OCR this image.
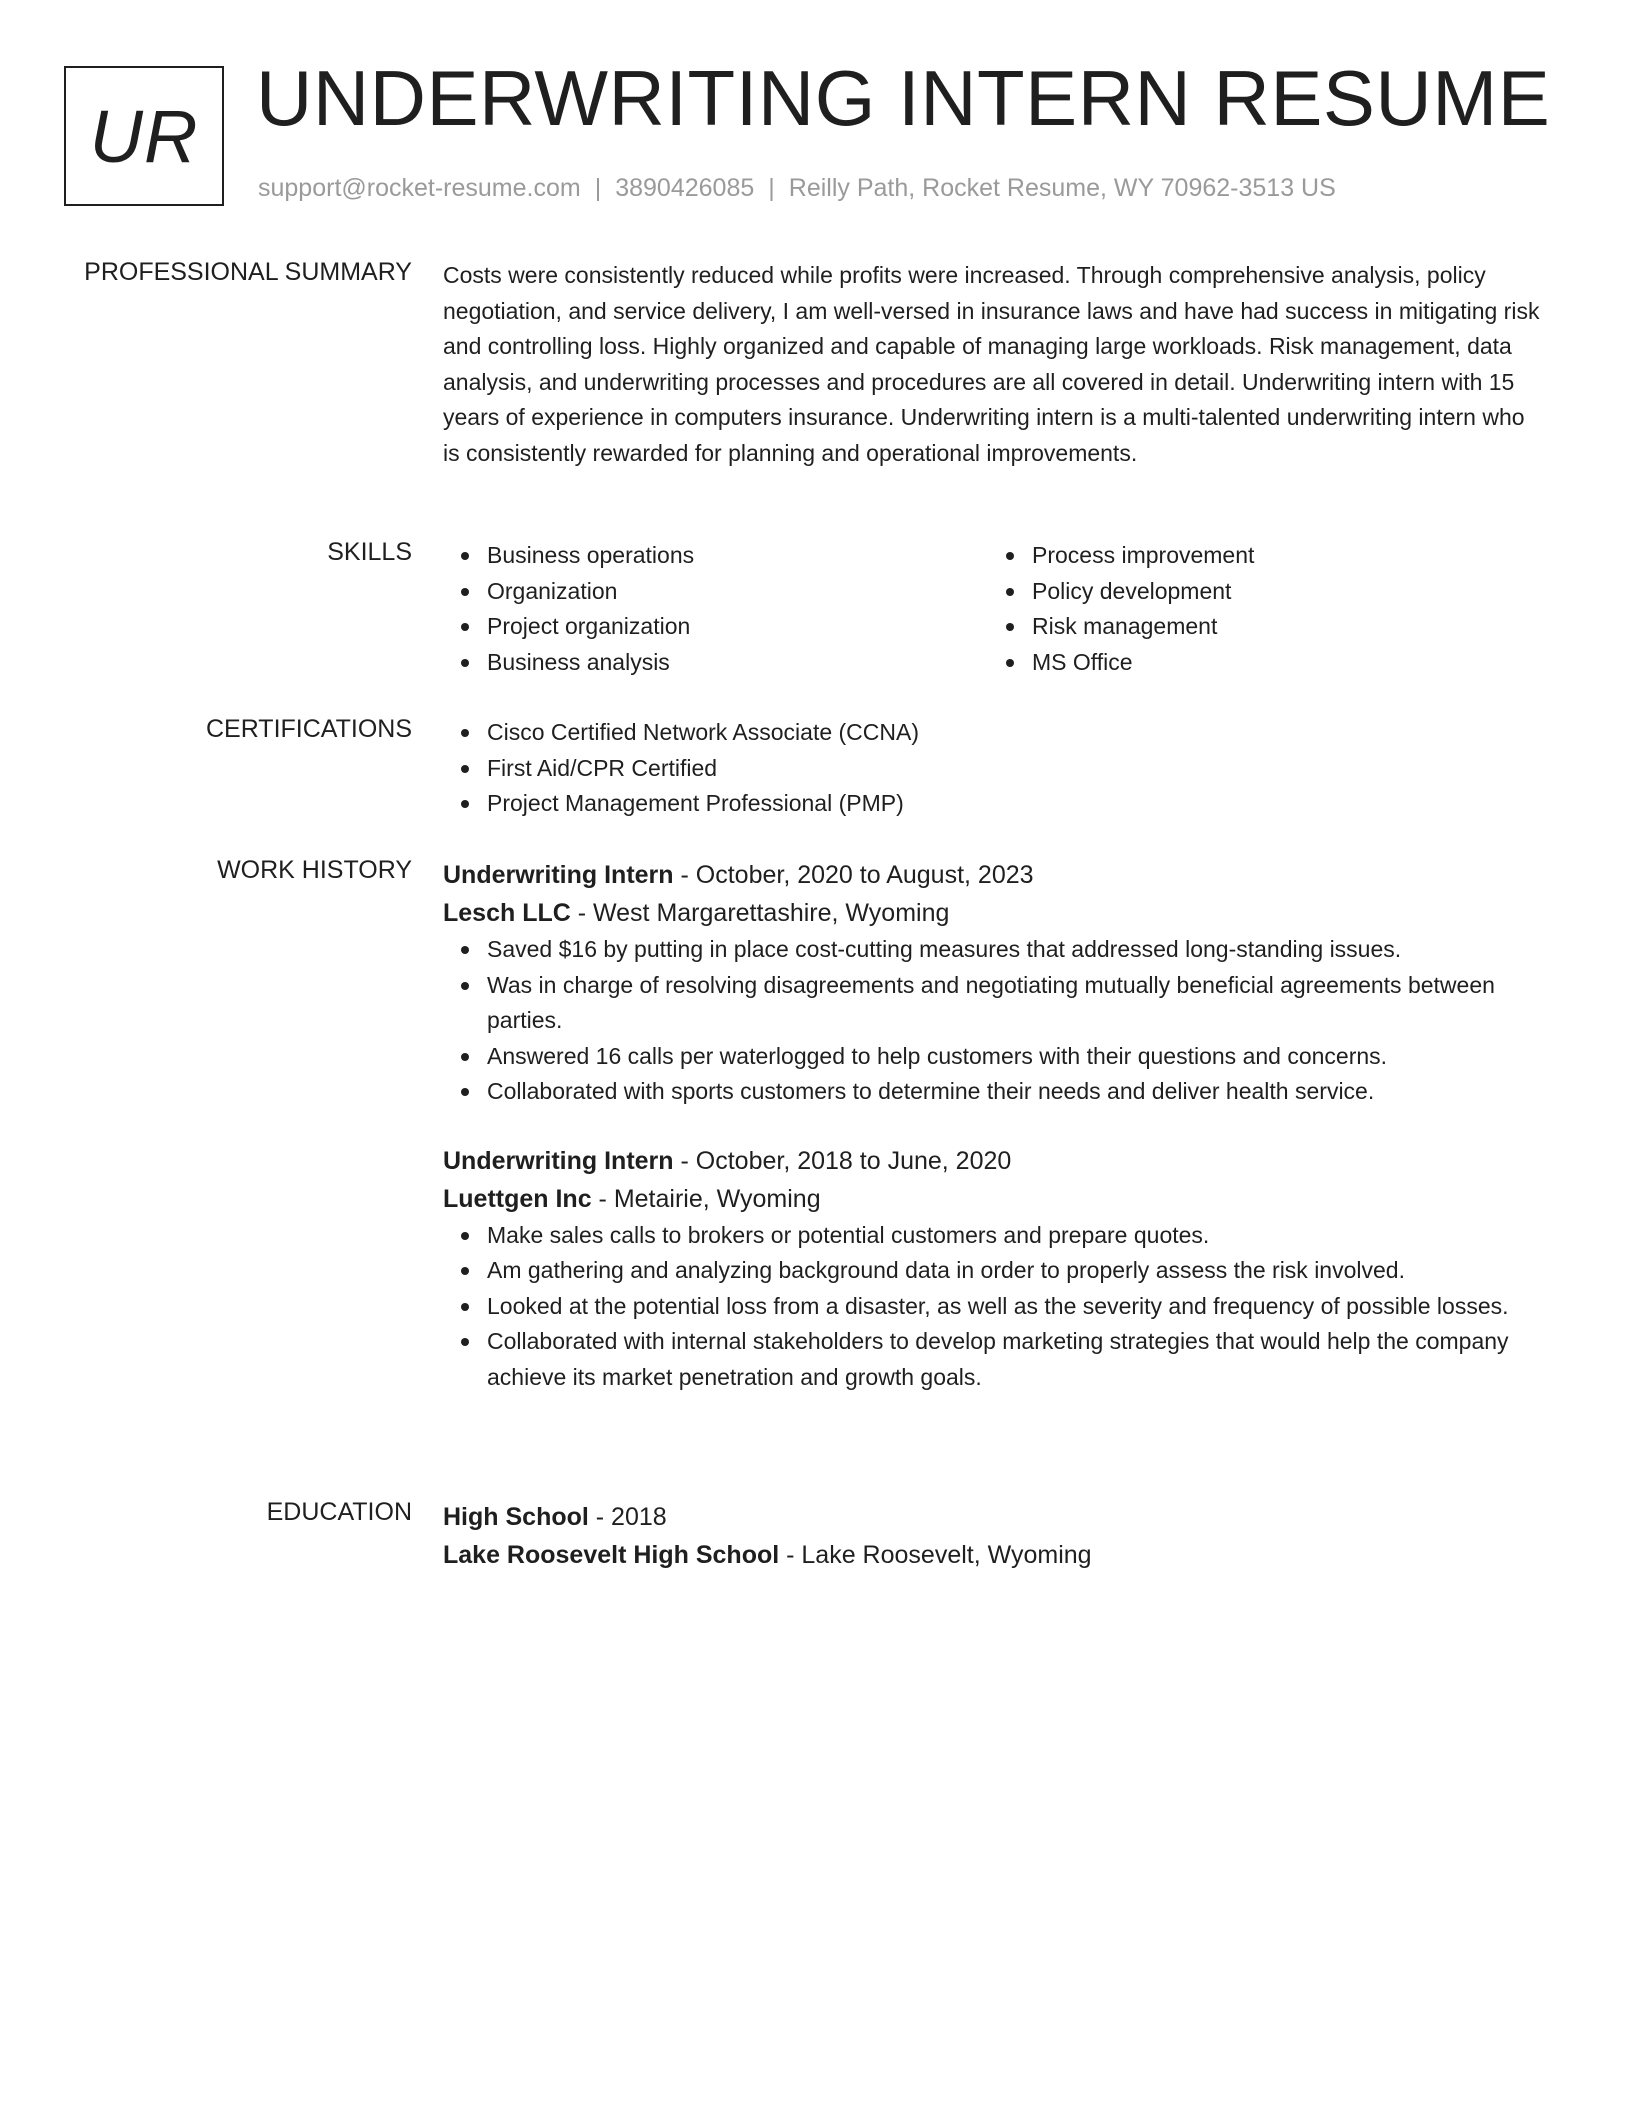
UR UNDERWRITING INTERN RESUME
support@rocket-resume.com | 3890426085 | Reilly Path, Rocket Resume, WY 70962-3513 US
PROFESSIONAL SUMMARY Costs were consistently reduced while profits were increased. Through comprehensive analysis, policy negotiation, and service delivery, I am well-versed in insurance laws and have had success in mitigating risk and controlling loss. Highly organized and capable of managing large workloads. Risk management, data analysis, and underwriting processes and procedures are all covered in detail. Underwriting intern with 15 years of experience in computers insurance. Underwriting intern is a multi-talented underwriting intern who is consistently rewarded for planning and operational improvements.

SKILLS	Business operations
Organization
Project organization
Business analysis
Process improvement
Policy development
Risk management
MS Office
CERTIFICATIONS	Cisco Certified Network Associate (CCNA)
First Aid/CPR Certified
Project Management Professional (PMP)
WORK HISTORY Underwriting Intern - October, 2020 to August, 2023
Lesch LLC - West Margarettashire, Wyoming
Saved $16 by putting in place cost-cutting measures that addressed long-standing issues.
Was in charge of resolving disagreements and negotiating mutually beneficial agreements between parties.
Answered 16 calls per waterlogged to help customers with their questions and concerns.
Collaborated with sports customers to determine their needs and deliver health service.
Underwriting Intern - October, 2018 to June, 2020
Luettgen Inc - Metairie, Wyoming
Make sales calls to brokers or potential customers and prepare quotes.
Am gathering and analyzing background data in order to properly assess the risk involved.
Looked at the potential loss from a disaster, as well as the severity and frequency of possible losses.
Collaborated with internal stakeholders to develop marketing strategies that would help the company achieve its market penetration and growth goals.
EDUCATION High School - 2018
Lake Roosevelt High School - Lake Roosevelt, Wyoming
